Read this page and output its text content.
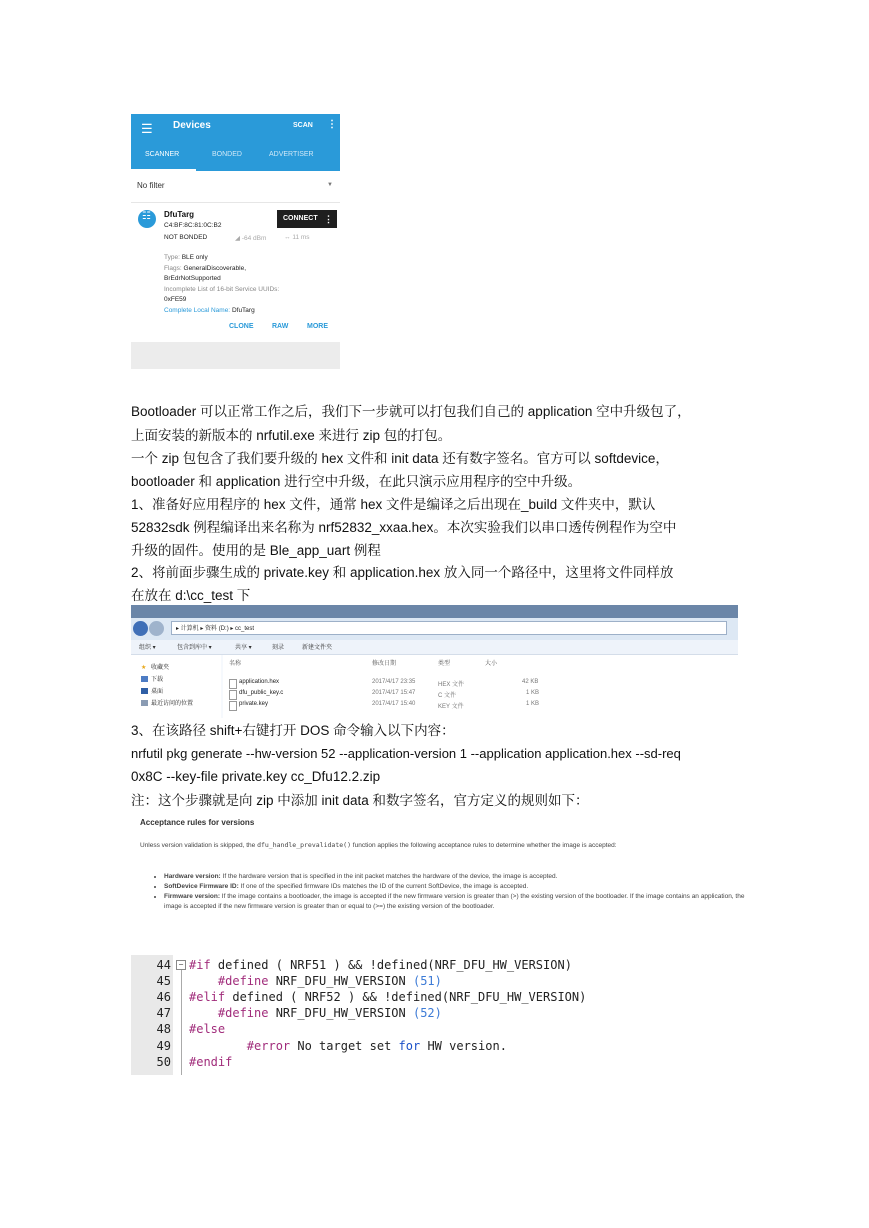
☰ Devices	SCAN ⋮
SCANNER	BONDED	ADVERTISER
No filter	▼
☷
DfuTarg
C4:BF:8C:81:0C:B2
NOT BONDED	◢ -64 dBm	↔ 11 ms
CONNECT ⋮
Type: BLE only
Flags: GeneralDiscoverable,
BrEdrNotSupported
Incomplete List of 16-bit Service UUIDs:
0xFE59
Complete Local Name: DfuTarg
CLONE	RAW	MORE
Bootloader 可以正常工作之后，我们下一步就可以打包我们自己的 application 空中升级包了，
上面安装的新版本的 nrfutil.exe 来进行 zip 包的打包。
一个 zip 包包含了我们要升级的 hex 文件和 init data 还有数字签名。官方可以 softdevice，
bootloader 和 application 进行空中升级，在此只演示应用程序的空中升级。
1、准备好应用程序的 hex 文件，通常 hex 文件是编译之后出现在_build 文件夹中，默认
52832sdk 例程编译出来名称为 nrf52832_xxaa.hex。本次实验我们以串口透传例程作为空中
升级的固件。使用的是 Ble_app_uart 例程
2、将前面步骤生成的 private.key 和 application.hex 放入同一个路径中，这里将文件同样放
在放在 d:\cc_test 下
▸ 计算机 ▸ 资料 (D:) ▸ cc_test
组织 ▾	包含到库中 ▾	共享 ▾	刻录	新建文件夹
★ 收藏夹
下载
桌面
最近访问的位置
名称	修改日期	类型	大小
application.hex	2017/4/17 23:35	HEX 文件	42 KB
dfu_public_key.c	2017/4/17 15:47	C 文件	1 KB
private.key	2017/4/17 15:40	KEY 文件	1 KB
3、在该路径 shift+右键打开 DOS 命令输入以下内容：
nrfutil pkg generate --hw-version 52 --application-version 1 --application application.hex --sd-req
0x8C --key-file private.key cc_Dfu12.2.zip
注：这个步骤就是向 zip 中添加 init data 和数字签名，官方定义的规则如下：
Acceptance rules for versions
Unless version validation is skipped, the dfu_handle_prevalidate() function applies the following acceptance rules to determine whether the image is accepted:
• Hardware version: If the hardware version that is specified in the init packet matches the hardware of the device, the image is accepted.
• SoftDevice Firmware ID: If one of the specified firmware IDs matches the ID of the current SoftDevice, the image is accepted.
• Firmware version: If the image contains a bootloader, the image is accepted if the new firmware version is greater than (>) the existing version of the bootloader. If the image contains an application, the image is accepted if the new firmware version is greater than or equal to (>=) the existing version of the bootloader.
44
45
46
47
48
49
50
− #if defined ( NRF51 ) && !defined(NRF_DFU_HW_VERSION)
#define NRF_DFU_HW_VERSION (51)
#elif defined ( NRF52 ) && !defined(NRF_DFU_HW_VERSION)
#define NRF_DFU_HW_VERSION (52)
#else
#error No target set for HW version.
#endif
